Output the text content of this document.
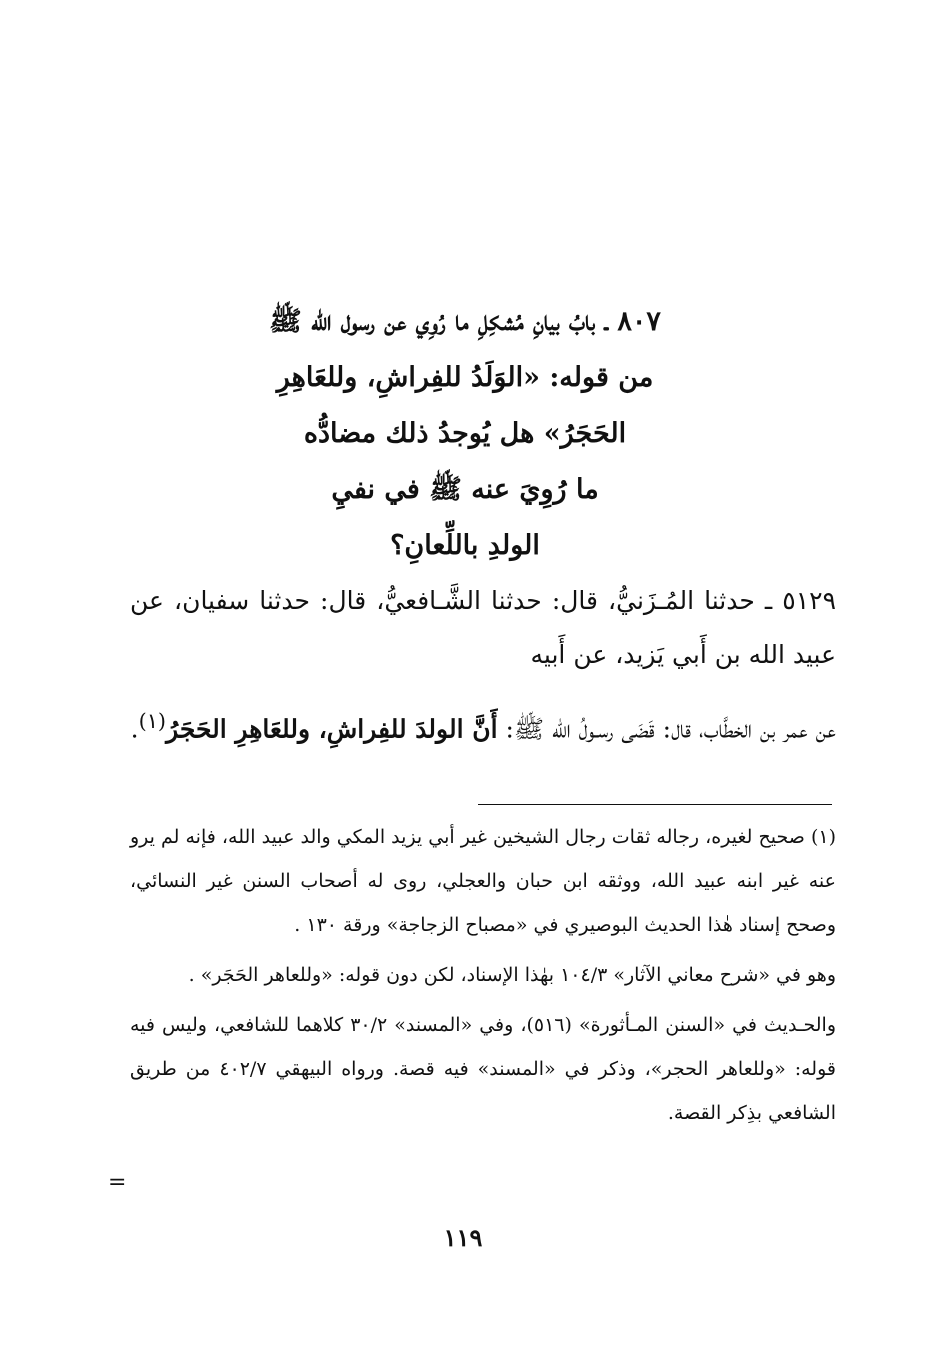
٨٠٧ ـ بابُ بيانِ مُشكِلِ ما رُوِي عن رسول الله ﷺ
من قوله: «الوَلَدُ للفِراشِ، وللعَاهِرِ
الحَجَرُ» هل يُوجدُ ذلك مضادُّه
ما رُوِيَ عنه ﷺ في نفيِ
الولدِ باللِّعانِ؟

٥١٢٩ ـ حدثنا المُـزَنيُّ، قال: حدثنا الشَّـافعيُّ، قال: حدثنا سفيان، عن عبيد الله بن أَبي يَزيد، عن أَبيه

عن عمر بن الخطَّاب، قال: قَضَى رسـولُ الله ﷺ: أَنَّ الولدَ للفِراشِ، وللعَاهِرِ الحَجَرُ$^{(١)}$.

(١) صحيح لغيره، رجاله ثقات رجال الشيخين غير أبي يزيد المكي والد عبيد الله، فإنه لم يرو عنه غير ابنه عبيد الله، ووثقه ابن حبان والعجلي، روى له أصحاب السنن غير النسائي، وصحح إسناد هٰذا الحديث البوصيري في «مصباح الزجاجة» ورقة ١٣٠ .

وهو في «شرح معاني الآثار» ١٠٤/٣ بهٰذا الإسناد، لكن دون قوله: «وللعاهر الحَجَر» .

والحـديث في «السنن المـأثورة» (٥١٦)، وفي «المسند» ٣٠/٢ كلاهما للشافعي، وليس فيه قوله: «وللعاهر الحجر»، وذكر في «المسند» فيه قصة. ورواه البيهقي ٤٠٢/٧ من طريق الشافعي بذِكر القصة.

=
١١٩
